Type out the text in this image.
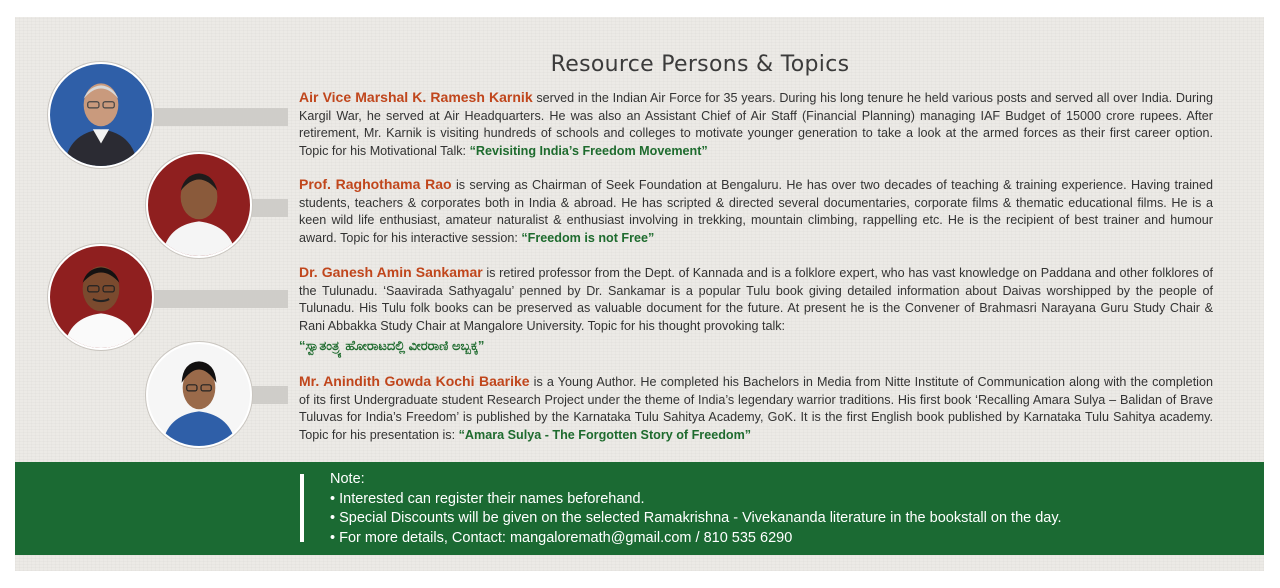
Resource Persons & Topics
Air Vice Marshal K. Ramesh Karnik served in the Indian Air Force for 35 years. During his long tenure he held various posts and served all over India. During Kargil War, he served at Air Headquarters. He was also an Assistant Chief of Air Staff (Financial Planning) managing IAF Budget of 15000 crore rupees. After retirement, Mr. Karnik is visiting hundreds of schools and colleges to motivate younger generation to take a look at the armed forces as their first career option. Topic for his Motivational Talk: “Revisiting India’s Freedom Movement”
Prof. Raghothama Rao is serving as Chairman of Seek Foundation at Bengaluru. He has over two decades of teaching & training experience. Having trained students, teachers & corporates both in India & abroad. He has scripted & directed several documentaries, corporate films & thematic educational films. He is a keen wild life enthusiast, amateur naturalist & enthusiast involving in trekking, mountain climbing, rappelling etc. He is the recipient of best trainer and humour award. Topic for his interactive session: “Freedom is not Free”
Dr. Ganesh Amin Sankamar is retired professor from the Dept. of Kannada and is a folklore expert, who has vast knowledge on Paddana and other folklores of the Tulunadu. ‘Saavirada Sathyagalu’ penned by Dr. Sankamar is a popular Tulu book giving detailed information about Daivas worshipped by the people of Tulunadu. His Tulu folk books can be preserved as valuable document for the future. At present he is the Convener of Brahmasri Narayana Guru Study Chair & Rani Abbakka Study Chair at Mangalore University. Topic for his thought provoking talk:
“ಸ್ವಾತಂತ್ರ್ಯ ಹೋರಾಟದಲ್ಲಿ ವೀರರಾಣಿ ಅಬ್ಬಕ್ಕ”
Mr. Anindith Gowda Kochi Baarike is a Young Author. He completed his Bachelors in Media from Nitte Institute of Communication along with the completion of its first Undergraduate student Research Project under the theme of India’s legendary warrior traditions. His first book ‘Recalling Amara Sulya – Balidan of Brave Tuluvas for India’s Freedom’ is published by the Karnataka Tulu Sahitya Academy, GoK. It is the first English book published by Karnataka Tulu Sahitya academy. Topic for his presentation is: “Amara Sulya - The Forgotten Story of Freedom”
Note:
• Interested can register their names beforehand.
• Special Discounts will be given on the selected Ramakrishna - Vivekananda literature in the bookstall on the day.
• For more details, Contact: mangaloremath@gmail.com / 810 535 6290
